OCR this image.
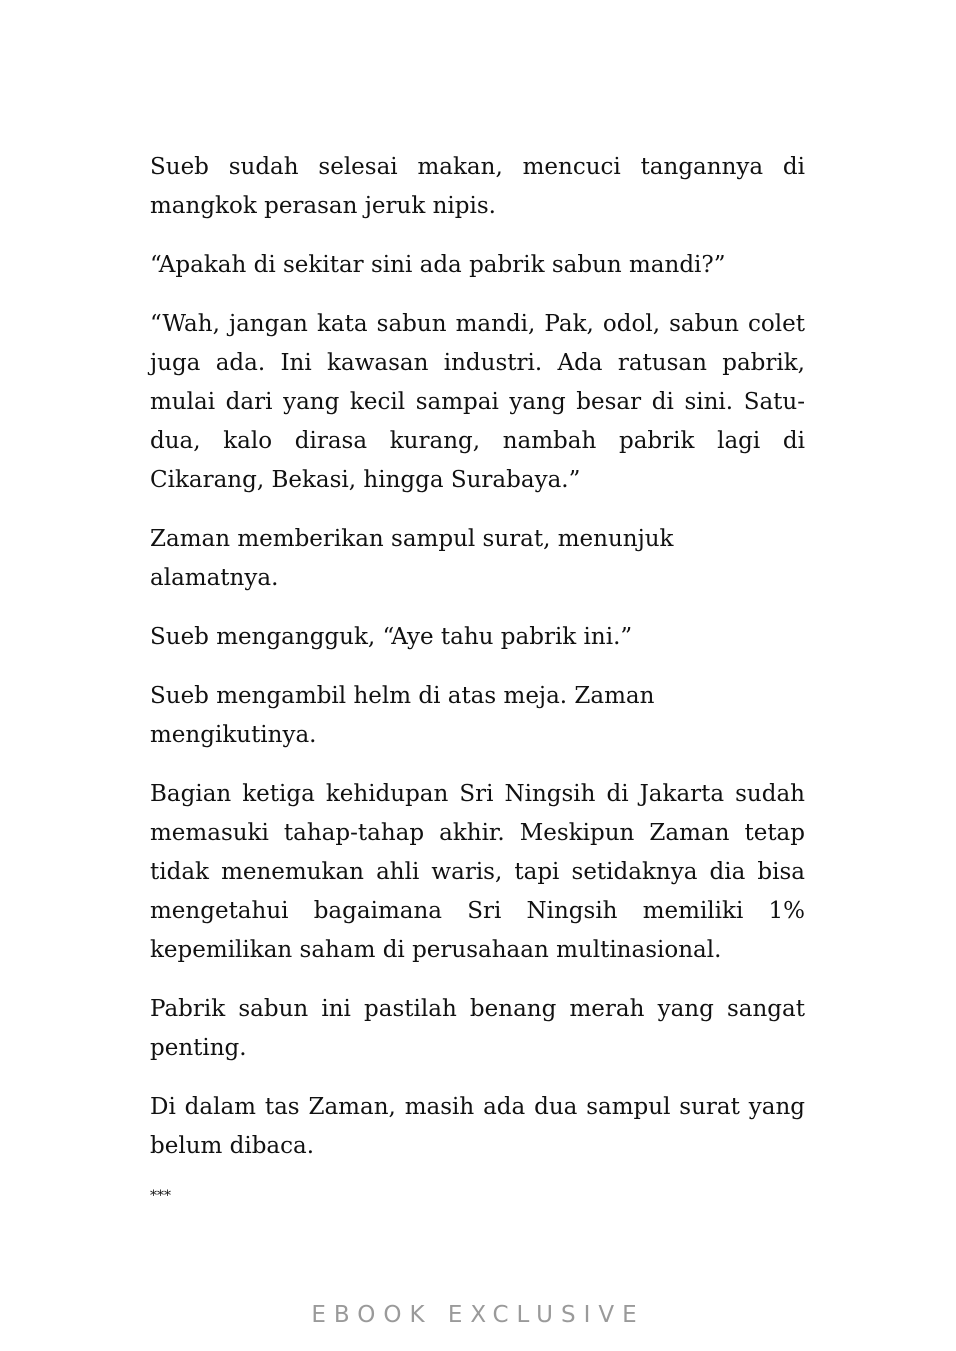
Sueb sudah selesai makan, mencuci tangannya di mangkok perasan jeruk nipis.

“Apakah di sekitar sini ada pabrik sabun mandi?”

“Wah, jangan kata sabun mandi, Pak, odol, sabun colet juga ada. Ini kawasan industri. Ada ratusan pabrik, mulai dari yang kecil sampai yang besar di sini. Satu-dua, kalo dirasa kurang, nambah pabrik lagi di Cikarang, Bekasi, hingga Surabaya.”

Zaman memberikan sampul surat, menunjuk alamatnya.

Sueb mengangguk, “Aye tahu pabrik ini.”

Sueb mengambil helm di atas meja. Zaman mengikutinya.

Bagian ketiga kehidupan Sri Ningsih di Jakarta sudah memasuki tahap-tahap akhir. Meskipun Zaman tetap tidak menemukan ahli waris, tapi setidaknya dia bisa mengetahui bagaimana Sri Ningsih memiliki 1% kepemilikan saham di perusahaan multinasional.

Pabrik sabun ini pastilah benang merah yang sangat penting.

Di dalam tas Zaman, masih ada dua sampul surat yang belum dibaca.

***

EBOOK EXCLUSIVE
